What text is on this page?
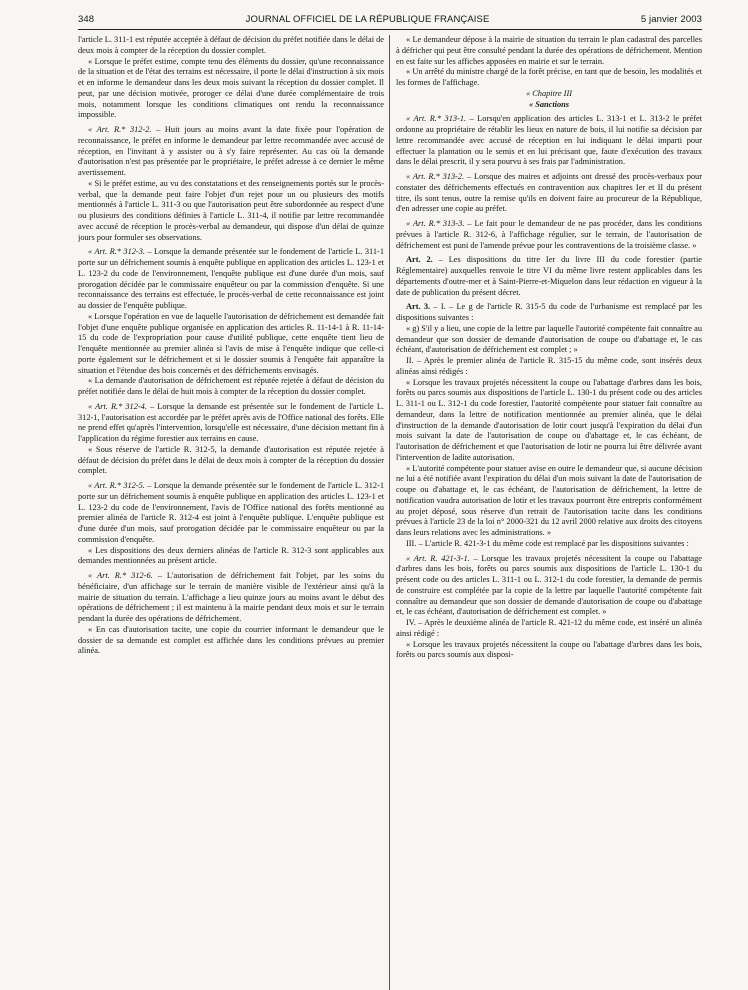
348	JOURNAL OFFICIEL DE LA RÉPUBLIQUE FRANÇAISE	5 janvier 2003

l'article L. 311-1 est réputée acceptée à défaut de décision du préfet notifiée dans le délai de deux mois à compter de la réception du dossier complet.

« Lorsque le préfet estime, compte tenu des éléments du dossier, qu'une reconnaissance de la situation et de l'état des terrains est nécessaire, il porte le délai d'instruction à six mois et en informe le demandeur dans les deux mois suivant la réception du dossier complet. Il peut, par une décision motivée, proroger ce délai d'une durée complémentaire de trois mois, notamment lorsque les conditions climatiques ont rendu la reconnaissance impossible.

« Art. R.* 312-2. – Huit jours au moins avant la date fixée pour l'opération de reconnaissance, le préfet en informe le demandeur par lettre recommandée avec accusé de réception, en l'invitant à y assister ou à s'y faire représenter. Au cas où la demande d'autorisation n'est pas présentée par le propriétaire, le préfet adresse à ce dernier le même avertissement.

« Si le préfet estime, au vu des constatations et des renseignements portés sur le procès-verbal, que la demande peut faire l'objet d'un rejet pour un ou plusieurs des motifs mentionnés à l'article L. 311-3 ou que l'autorisation peut être subordonnée au respect d'une ou plusieurs des conditions définies à l'article L. 311-4, il notifie par lettre recommandée avec accusé de réception le procès-verbal au demandeur, qui dispose d'un délai de quinze jours pour formuler ses observations.

« Art. R.* 312-3. – Lorsque la demande présentée sur le fondement de l'article L. 311-1 porte sur un défrichement soumis à enquête publique en application des articles L. 123-1 et L. 123-2 du code de l'environnement, l'enquête publique est d'une durée d'un mois, sauf prorogation décidée par le commissaire enquêteur ou par la commission d'enquête. Si une reconnaissance des terrains est effectuée, le procès-verbal de cette reconnaissance est joint au dossier de l'enquête publique.

« Lorsque l'opération en vue de laquelle l'autorisation de défrichement est demandée fait l'objet d'une enquête publique organisée en application des articles R. 11-14-1 à R. 11-14-15 du code de l'expropriation pour cause d'utilité publique, cette enquête tient lieu de l'enquête mentionnée au premier alinéa si l'avis de mise à l'enquête indique que celle-ci porte également sur le défrichement et si le dossier soumis à l'enquête fait apparaître la situation et l'étendue des bois concernés et des défrichements envisagés.

« La demande d'autorisation de défrichement est réputée rejetée à défaut de décision du préfet notifiée dans le délai de huit mois à compter de la réception du dossier complet.

« Art. R.* 312-4. – Lorsque la demande est présentée sur le fondement de l'article L. 312-1, l'autorisation est accordée par le préfet après avis de l'Office national des forêts. Elle ne prend effet qu'après l'intervention, lorsqu'elle est nécessaire, d'une décision mettant fin à l'application du régime forestier aux terrains en cause.

« Sous réserve de l'article R. 312-5, la demande d'autorisation est réputée rejetée à défaut de décision du préfet dans le délai de deux mois à compter de la réception du dossier complet.

« Art. R.* 312-5. – Lorsque la demande présentée sur le fondement de l'article L. 312-1 porte sur un défrichement soumis à enquête publique en application des articles L. 123-1 et L. 123-2 du code de l'environnement, l'avis de l'Office national des forêts mentionné au premier alinéa de l'article R. 312-4 est joint à l'enquête publique. L'enquête publique est d'une durée d'un mois, sauf prorogation décidée par le commissaire enquêteur ou par la commission d'enquête.

« Les dispositions des deux derniers alinéas de l'article R. 312-3 sont applicables aux demandes mentionnées au présent article.

« Art. R.* 312-6. – L'autorisation de défrichement fait l'objet, par les soins du bénéficiaire, d'un affichage sur le terrain de manière visible de l'extérieur ainsi qu'à la mairie de situation du terrain. L'affichage a lieu quinze jours au moins avant le début des opérations de défrichement ; il est maintenu à la mairie pendant deux mois et sur le terrain pendant la durée des opérations de défrichement.

« En cas d'autorisation tacite, une copie du courrier informant le demandeur que le dossier de sa demande est complet est affichée dans les conditions prévues au premier alinéa.

« Le demandeur dépose à la mairie de situation du terrain le plan cadastral des parcelles à défricher qui peut être consulté pendant la durée des opérations de défrichement. Mention en est faite sur les affiches apposées en mairie et sur le terrain.

« Un arrêté du ministre chargé de la forêt précise, en tant que de besoin, les modalités et les formes de l'affichage.

« Chapitre III

« Sanctions

« Art. R.* 313-1. – Lorsqu'en application des articles L. 313-1 et L. 313-2 le préfet ordonne au propriétaire de rétablir les lieux en nature de bois, il lui notifie sa décision par lettre recommandée avec accusé de réception en lui indiquant le délai imparti pour effectuer la plantation ou le semis et en lui précisant que, faute d'exécution des travaux dans le délai prescrit, il y sera pourvu à ses frais par l'administration.

« Art. R.* 313-2. – Lorsque des maires et adjoints ont dressé des procès-verbaux pour constater des défrichements effectués en contravention aux chapitres Ier et II du présent titre, ils sont tenus, outre la remise qu'ils en doivent faire au procureur de la République, d'en adresser une copie au préfet.

« Art. R.* 313-3. – Le fait pour le demandeur de ne pas procéder, dans les conditions prévues à l'article R. 312-6, à l'affichage régulier, sur le terrain, de l'autorisation de défrichement est puni de l'amende prévue pour les contraventions de la troisième classe. »

Art. 2. – Les dispositions du titre Ier du livre III du code forestier (partie Réglementaire) auxquelles renvoie le titre VI du même livre restent applicables dans les départements d'outre-mer et à Saint-Pierre-et-Miquelon dans leur rédaction en vigueur à la date de publication du présent décret.

Art. 3. – I. – Le g de l'article R. 315-5 du code de l'urbanisme est remplacé par les dispositions suivantes :

« g) S'il y a lieu, une copie de la lettre par laquelle l'autorité compétente fait connaître au demandeur que son dossier de demande d'autorisation de coupe ou d'abattage et, le cas échéant, d'autorisation de défrichement est complet ; »

II. – Après le premier alinéa de l'article R. 315-15 du même code, sont insérés deux alinéas ainsi rédigés :

« Lorsque les travaux projetés nécessitent la coupe ou l'abattage d'arbres dans les bois, forêts ou parcs soumis aux dispositions de l'article L. 130-1 du présent code ou des articles L. 311-1 ou L. 312-1 du code forestier, l'autorité compétente pour statuer fait connaître au demandeur, dans la lettre de notification mentionnée au premier alinéa, que le délai d'instruction de la demande d'autorisation de lotir court jusqu'à l'expiration du délai d'un mois suivant la date de l'autorisation de coupe ou d'abattage et, le cas échéant, de l'autorisation de défrichement et que l'autorisation de lotir ne pourra lui être délivrée avant l'intervention de ladite autorisation.

« L'autorité compétente pour statuer avise en outre le demandeur que, si aucune décision ne lui a été notifiée avant l'expiration du délai d'un mois suivant la date de l'autorisation de coupe ou d'abattage et, le cas échéant, de l'autorisation de défrichement, la lettre de notification vaudra autorisation de lotir et les travaux pourront être entrepris conformément au projet déposé, sous réserve d'un retrait de l'autorisation tacite dans les conditions prévues à l'article 23 de la loi n° 2000-321 du 12 avril 2000 relative aux droits des citoyens dans leurs relations avec les administrations. »

III. – L'article R. 421-3-1 du même code est remplacé par les dispositions suivantes :

« Art. R. 421-3-1. – Lorsque les travaux projetés nécessitent la coupe ou l'abattage d'arbres dans les bois, forêts ou parcs soumis aux dispositions de l'article L. 130-1 du présent code ou des articles L. 311-1 ou L. 312-1 du code forestier, la demande de permis de construire est complétée par la copie de la lettre par laquelle l'autorité compétente fait connaître au demandeur que son dossier de demande d'autorisation de coupe ou d'abattage et, le cas échéant, d'autorisation de défrichement est complet. »

IV. – Après le deuxième alinéa de l'article R. 421-12 du même code, est inséré un alinéa ainsi rédigé :

« Lorsque les travaux projetés nécessitent la coupe ou l'abattage d'arbres dans les bois, forêts ou parcs soumis aux disposi-
